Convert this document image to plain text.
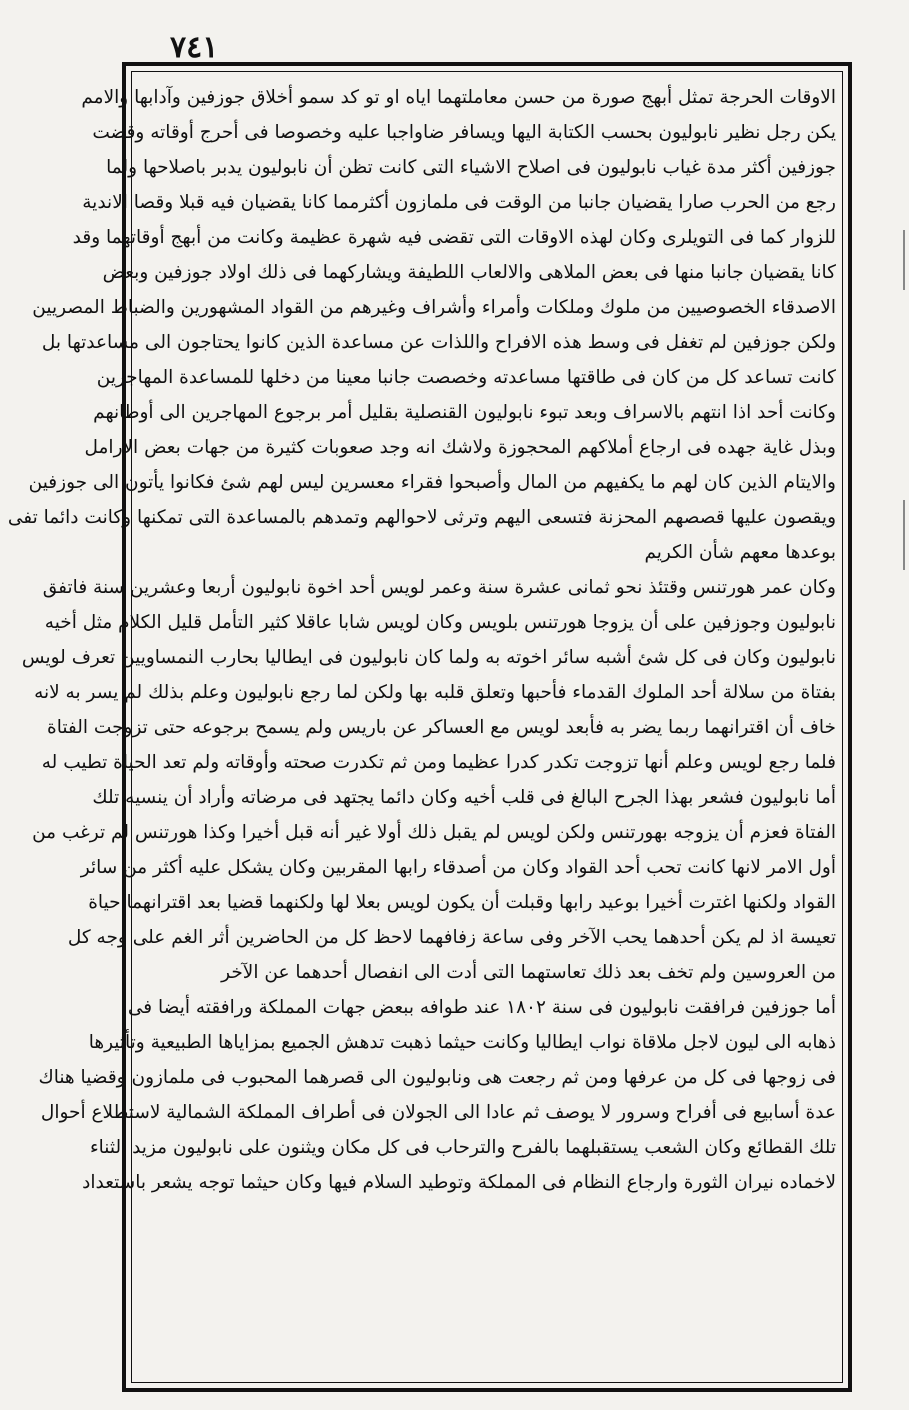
١٤٧
الاوقات الحرجة تمثل أبهج صورة من حسن معاملتهما اياه او تو كد سمو أخلاق جوزفين وآدابها والامم
يكن رجل نظير نابوليون بحسب الكتابة اليها ويسافر ضاواجبا عليه وخصوصا فى أحرج أوقاته وقضت
جوزفين أكثر مدة غياب نابوليون فى اصلاح الاشياء التى كانت تظن أن نابوليون يدبر باصلاحها ولما
رجع من الحرب صارا يقضيان جانبا من الوقت فى ملمازون أكثرمما كانا يقضيان فيه قبلا وقصا الاندية
للزوار كما فى التويلرى وكان لهذه الاوقات التى تقضى فيه شهرة عظيمة وكانت من أبهج أوقاتهما وقد
كانا يقضيان جانبا منها فى بعض الملاهى والالعاب اللطيفة ويشاركهما فى ذلك اولاد جوزفين وبعض
الاصدقاء الخصوصيين من ملوك وملكات وأمراء وأشراف وغيرهم من القواد المشهورين والضباط المصريين
ولكن جوزفين لم تغفل فى وسط هذه الافراح واللذات عن مساعدة الذين كانوا يحتاجون الى مساعدتها بل
كانت تساعد كل من كان فى طاقتها مساعدته وخصصت جانبا معينا من دخلها للمساعدة المهاجرين
وكانت أحد اذا انتهم بالاسراف وبعد تبوء نابوليون القنصلية بقليل أمر برجوع المهاجرين الى أوطانهم
وبذل غاية جهده فى ارجاع أملاكهم المحجوزة ولاشك انه وجد صعوبات كثيرة من جهات بعض الارامل
والايتام الذين كان لهم ما يكفيهم من المال وأصبحوا فقراء معسرين ليس لهم شئ فكانوا يأتون الى جوزفين
ويقصون عليها قصصهم المحزنة فتسعى اليهم وترثى لاحوالهم وتمدهم بالمساعدة التى تمكنها وكانت دائما تفى
بوعدها معهم شأن الكريم
وكان عمر هورتنس وقتئذ نحو ثمانى عشرة سنة وعمر لويس أحد اخوة نابوليون أربعا وعشرين سنة فاتفق
نابوليون وجوزفين على أن يزوجا هورتنس بلويس وكان لويس شابا عاقلا كثير التأمل قليل الكلام مثل أخيه
نابوليون وكان فى كل شئ أشبه سائر اخوته به ولما كان نابوليون فى ايطاليا بحارب النمساويين تعرف لويس
بفتاة من سلالة أحد الملوك القدماء فأحبها وتعلق قلبه بها ولكن لما رجع نابوليون وعلم بذلك لم يسر به لانه
خاف أن اقترانهما ربما يضر به فأبعد لويس مع العساكر عن باريس ولم يسمح برجوعه حتى تزوجت الفتاة
فلما رجع لويس وعلم أنها تزوجت تكدر كدرا عظيما ومن ثم تكدرت صحته وأوقاته ولم تعد الحياة تطيب له
أما نابوليون فشعر بهذا الجرح البالغ فى قلب أخيه وكان دائما يجتهد فى مرضاته وأراد أن ينسيه تلك
الفتاة فعزم أن يزوجه بهورتنس ولكن لويس لم يقبل ذلك أولا غير أنه قبل أخيرا وكذا هورتنس لم ترغب من
أول الامر لانها كانت تحب أحد القواد وكان من أصدقاء رابها المقربين وكان يشكل عليه أكثر من سائر
القواد ولكنها اغترت أخيرا بوعيد رابها وقبلت أن يكون لويس بعلا لها ولكنهما قضيا بعد اقترانهما حياة
تعيسة اذ لم يكن أحدهما يحب الآخر وفى ساعة زفافهما لاحظ كل من الحاضرين أثر الغم على وجه كل
من العروسين ولم تخف بعد ذلك تعاستهما التى أدت الى انفصال أحدهما عن الآخر
أما جوزفين فرافقت نابوليون فى سنة ١٨٠٢ عند طوافه ببعض جهات المملكة ورافقته أيضا فى
ذهابه الى ليون لاجل ملاقاة نواب ايطاليا وكانت حيثما ذهبت تدهش الجميع بمزاياها الطبيعية وتأثيرها
فى زوجها فى كل من عرفها ومن ثم رجعت هى ونابوليون الى قصرهما المحبوب فى ملمازون وقضيا هناك
عدة أسابيع فى أفراح وسرور لا يوصف ثم عادا الى الجولان فى أطراف المملكة الشمالية لاستطلاع أحوال
تلك القطائع وكان الشعب يستقبلهما بالفرح والترحاب فى كل مكان ويثنون على نابوليون مزيد الثناء
لاخماده نيران الثورة وارجاع النظام فى المملكة وتوطيد السلام فيها وكان حيثما توجه يشعر باستعداد
